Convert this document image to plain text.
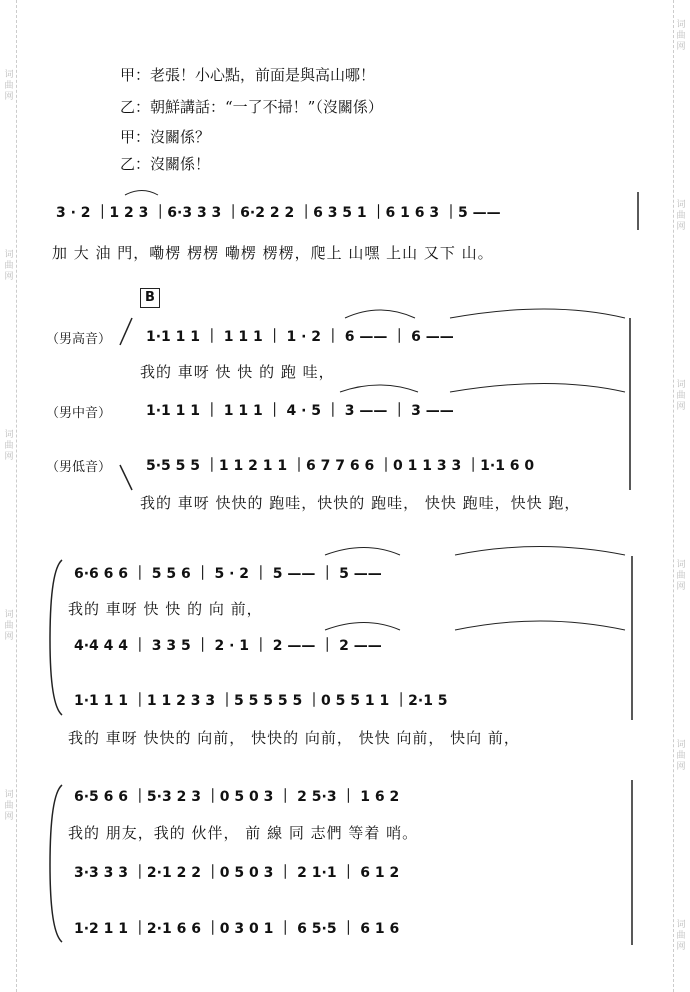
词曲网
词曲网
词曲网
词曲网
词曲网
词曲网
词曲网
词曲网
词曲网
词曲网
词曲网
甲：老張！小心點，前面是與高山哪！
乙：朝鮮講話：“一了不掃！”（沒關係）
甲：沒關係？
乙：沒關係！
3 · 2 ｜1 2 3 ｜6·3 3 3 ｜6·2 2 2 ｜6 3 5 1 ｜6 1 6 3 ｜5 ——
加 大 油 門，嘞楞 楞楞 嘞楞 楞楞，爬上 山嘿 上山 又下 山。
B
（男高音） 1·1 1 1 ｜ 1 1 1 ｜ 1 · 2 ｜ 6 —— ｜ 6 ——
我的 車呀 快 快 的 跑 哇，
（男中音） 1·1 1 1 ｜ 1 1 1 ｜ 4 · 5 ｜ 3 —— ｜ 3 ——
（男低音） 5·5 5 5 ｜1 1 2 1 1 ｜6 7 7 6 6 ｜0 1 1 3 3 ｜1·1 6 0
我的 車呀 快快的 跑哇，快快的 跑哇， 快快 跑哇，快快 跑，
6·6 6 6 ｜ 5 5 6 ｜ 5 · 2 ｜ 5 —— ｜ 5 ——
我的 車呀 快 快 的 向 前，
4·4 4 4 ｜ 3 3 5 ｜ 2 · 1 ｜ 2 —— ｜ 2 ——
1·1 1 1 ｜1 1 2 3 3 ｜5 5 5 5 5 ｜0 5 5 1 1 ｜2·1 5
我的 車呀 快快的 向前， 快快的 向前， 快快 向前， 快向 前，
6·5 6 6 ｜5·3 2 3 ｜0 5 0 3 ｜ 2 5·3 ｜ 1 6 2
我的 朋友，我的 伙伴， 前 線 同 志們 等着 哨。
3·3 3 3 ｜2·1 2 2 ｜0 5 0 3 ｜ 2 1·1 ｜ 6 1 2
1·2 1 1 ｜2·1 6 6 ｜0 3 0 1 ｜ 6 5·5 ｜ 6 1 6
